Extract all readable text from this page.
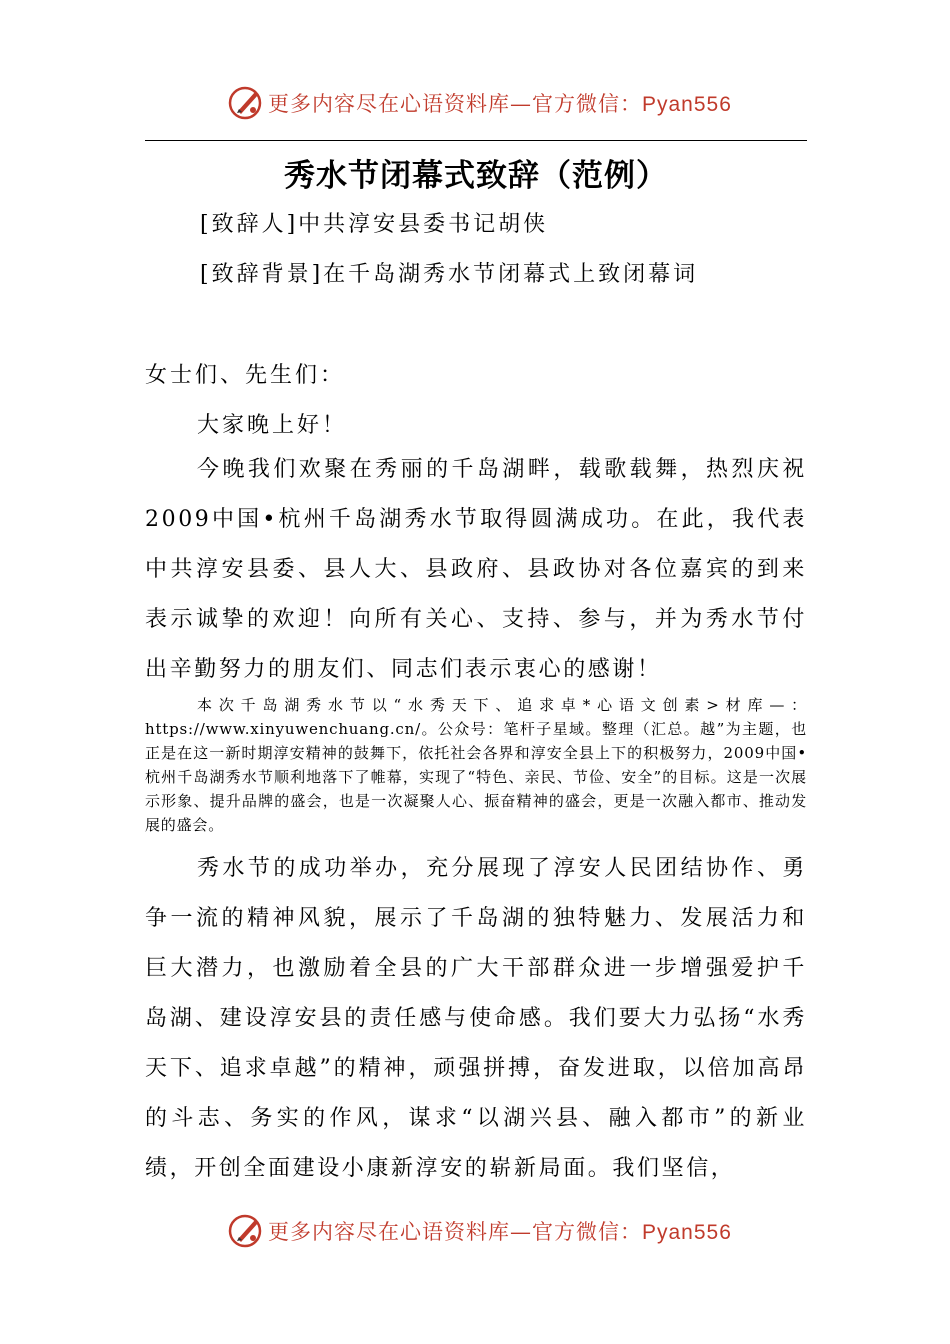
更多内容尽在心语资料库—官方微信：Pyan556
秀水节闭幕式致辞（范例）
[致辞人]中共淳安县委书记胡侠
[致辞背景]在千岛湖秀水节闭幕式上致闭幕词
女士们、先生们：
大家晚上好！

今晚我们欢聚在秀丽的千岛湖畔，载歌载舞，热烈庆祝2009中国•杭州千岛湖秀水节取得圆满成功。在此，我代表中共淳安县委、县人大、县政府、县政协对各位嘉宾的到来表示诚挚的欢迎！向所有关心、支持、参与，并为秀水节付出辛勤努力的朋友们、同志们表示衷心的感谢！

本次千岛湖秀水节以“水秀天下、追求卓*心语文创素>材库—：https://www.xinyuwenchuang.cn/。公众号：笔杆子星域。整理（汇总。越”为主题，也正是在这一新时期淳安精神的鼓舞下，依托社会各界和淳安全县上下的积极努力，2009中国•杭州千岛湖秀水节顺利地落下了帷幕，实现了“特色、亲民、节俭、安全”的目标。这是一次展示形象、提升品牌的盛会，也是一次凝聚人心、振奋精神的盛会，更是一次融入都市、推动发展的盛会。

秀水节的成功举办，充分展现了淳安人民团结协作、勇争一流的精神风貌，展示了千岛湖的独特魅力、发展活力和巨大潜力，也激励着全县的广大干部群众进一步增强爱护千岛湖、建设淳安县的责任感与使命感。我们要大力弘扬“水秀天下、追求卓越”的精神，顽强拼搏，奋发进取，以倍加高昂的斗志、务实的作风，谋求“以湖兴县、融入都市”的新业绩，开创全面建设小康新淳安的崭新局面。我们坚信，

更多内容尽在心语资料库—官方微信：Pyan556
